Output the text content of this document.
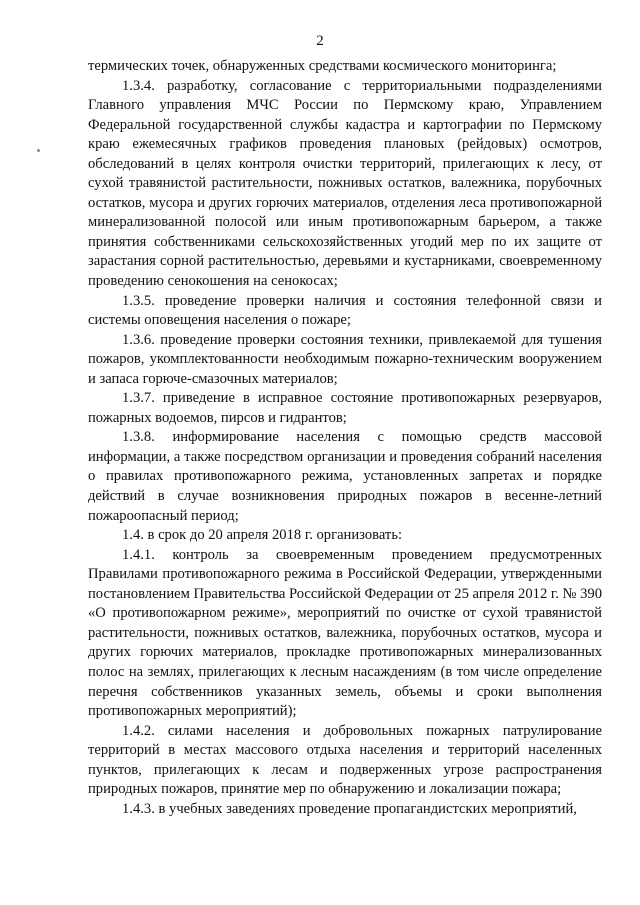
2

термических точек, обнаруженных средствами космического мониторинга;

1.3.4. разработку, согласование с территориальными подразделениями Главного управления МЧС России по Пермскому краю, Управлением Федеральной государственной службы кадастра и картографии по Пермскому краю ежемесячных графиков проведения плановых (рейдовых) осмотров, обследований в целях контроля очистки территорий, прилегающих к лесу, от сухой травянистой растительности, пожнивых остатков, валежника, порубочных остатков, мусора и других горючих материалов, отделения леса противопожарной минерализованной полосой или иным противопожарным барьером, а также принятия собственниками сельскохозяйственных угодий мер по их защите от зарастания сорной растительностью, деревьями и кустарниками, своевременному проведению сенокошения на сенокосах;

1.3.5. проведение проверки наличия и состояния телефонной связи и системы оповещения населения о пожаре;

1.3.6. проведение проверки состояния техники, привлекаемой для тушения пожаров, укомплектованности необходимым пожарно-техническим вооружением и запаса горюче-смазочных материалов;

1.3.7. приведение в исправное состояние противопожарных резервуаров, пожарных водоемов, пирсов и гидрантов;

1.3.8. информирование населения с помощью средств массовой информации, а также посредством организации и проведения собраний населения о правилах противопожарного режима, установленных запретах и порядке действий в случае возникновения природных пожаров в весенне-летний пожароопасный период;

1.4. в срок до 20 апреля 2018 г. организовать:

1.4.1. контроль за своевременным проведением предусмотренных Правилами противопожарного режима в Российской Федерации, утвержденными постановлением Правительства Российской Федерации от 25 апреля 2012 г. № 390 «О противопожарном режиме», мероприятий по очистке от сухой травянистой растительности, пожнивых остатков, валежника, порубочных остатков, мусора и других горючих материалов, прокладке противопожарных минерализованных полос на землях, прилегающих к лесным насаждениям (в том числе определение перечня собственников указанных земель, объемы и сроки выполнения противопожарных мероприятий);

1.4.2. силами населения и добровольных пожарных патрулирование территорий в местах массового отдыха населения и территорий населенных пунктов, прилегающих к лесам и подверженных угрозе распространения природных пожаров, принятие мер по обнаружению и локализации пожара;

1.4.3. в учебных заведениях проведение пропагандистских мероприятий,
